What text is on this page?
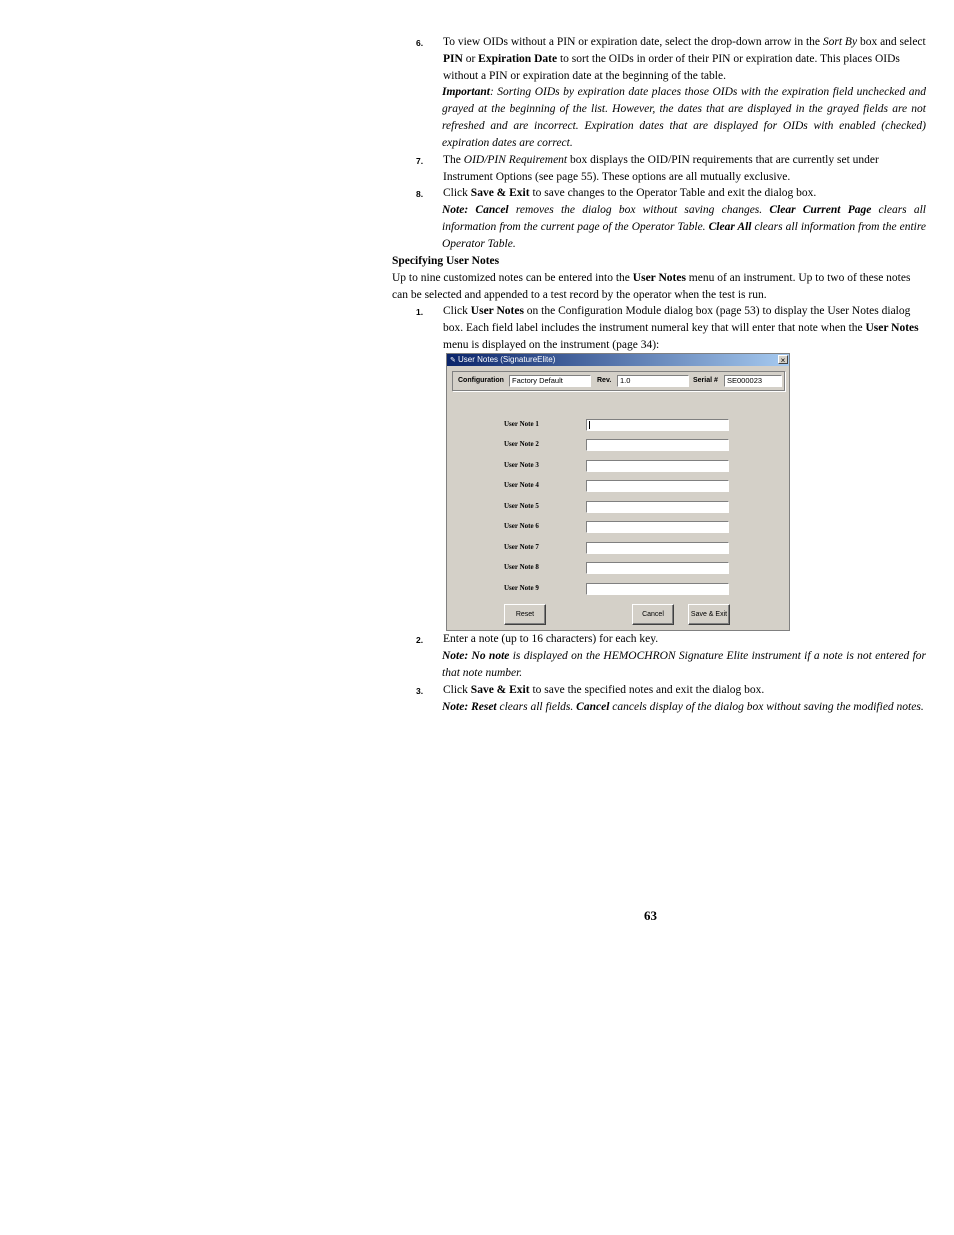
6. To view OIDs without a PIN or expiration date, select the drop-down arrow in the Sort By box and select PIN or Expiration Date to sort the OIDs in order of their PIN or expiration date. This places OIDs without a PIN or expiration date at the beginning of the table.
Important: Sorting OIDs by expiration date places those OIDs with the expiration field unchecked and grayed at the beginning of the list. However, the dates that are displayed in the grayed fields are not refreshed and are incorrect. Expiration dates that are displayed for OIDs with enabled (checked) expiration dates are correct.
7. The OID/PIN Requirement box displays the OID/PIN requirements that are currently set under Instrument Options (see page 55). These options are all mutually exclusive.
8. Click Save & Exit to save changes to the Operator Table and exit the dialog box.
Note: Cancel removes the dialog box without saving changes. Clear Current Page clears all information from the current page of the Operator Table. Clear All clears all information from the entire Operator Table.
Specifying User Notes
Up to nine customized notes can be entered into the User Notes menu of an instrument. Up to two of these notes can be selected and appended to a test record by the operator when the test is run.
1. Click User Notes on the Configuration Module dialog box (page 53) to display the User Notes dialog box. Each field label includes the instrument numeral key that will enter that note when the User Notes menu is displayed on the instrument (page 34):
✎ User Notes (SignatureElite)	×
Configuration	Factory Default	Rev.	1.0	Serial #	SE000023
User Note 1
User Note 2
User Note 3
User Note 4
User Note 5
User Note 6
User Note 7
User Note 8
User Note 9
Reset	Cancel	Save & Exit
2. Enter a note (up to 16 characters) for each key.
Note: No note is displayed on the HEMOCHRON Signature Elite instrument if a note is not entered for that note number.
3. Click Save & Exit to save the specified notes and exit the dialog box.
Note: Reset clears all fields. Cancel cancels display of the dialog box without saving the modified notes.
63
